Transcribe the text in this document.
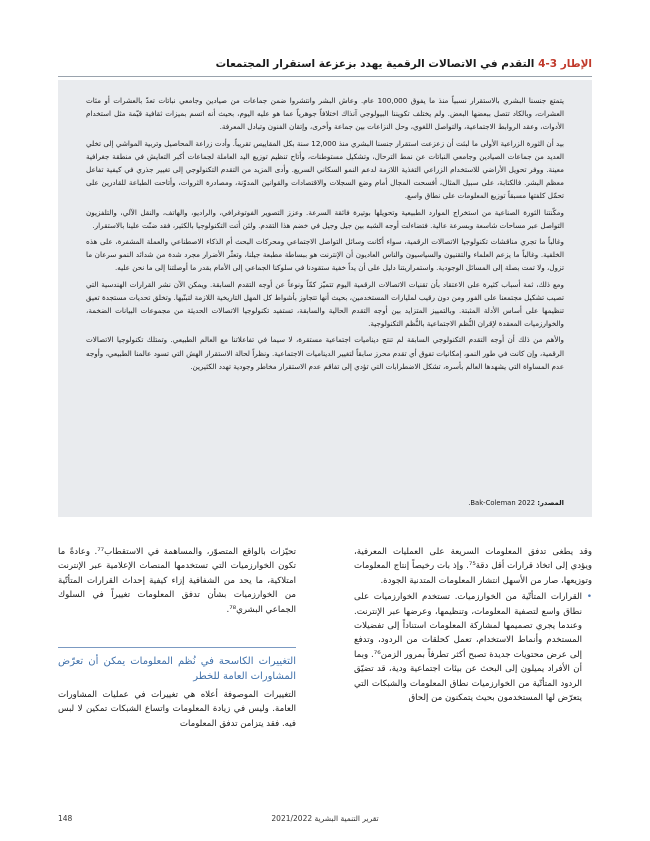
الإطار 3-4 التقدم في الاتصالات الرقمية يهدد بزعزعة استقرار المجتمعات

يتمتع جنسنا البشري بالاستقرار نسبياً منذ ما يفوق 100,000 عام. وعاش البشر وانتشروا ضمن جماعات من صيادين وجامعي نباتات تعدّ بالعشرات أو مئات العشرات، وبالكاد تتصل ببعضها البعض. ولم يختلف تكويننا البيولوجي آنذاك اختلافاً جوهرياً عما هو عليه اليوم، بحيث أنه اتسم بميزات ثقافية قيّمة مثل استخدام الأدوات، وعقد الروابط الاجتماعية، والتواصل اللغوي، وحل النزاعات بين جماعة وأخرى، وإتقان الفنون وتبادل المعرفة.

بيد أن الثورة الزراعية الأولى ما لبثت أن زعزعت استقرار جنسنا البشري منذ 12,000 سنة بكل المقاييس تقريباً. وأدت زراعة المحاصيل وتربية المواشي إلى تخلي العديد من جماعات الصيادين وجامعي النباتات عن نمط الترحال، وتشكيل مستوطنات، وأتاح تنظيم توزيع اليد العاملة لجماعات أكبر التعايش في منطقة جغرافية معينة. ووفر تحويل الأراضي للاستخدام الزراعي التغذية اللازمة لدعم النمو السكاني السريع. وأدى المزيد من التقدم التكنولوجي إلى تغيير جذري في كيفية تفاعل معظم البشر. فالكتابة، على سبيل المثال، أفسحت المجال أمام وضع السجلات والاقتصادات والقوانين المدوّنة، ومصادرة الثروات، وأتاحت الطباعة للقادرين على تحمّل كلفتها مسبقاً توزيع المعلومات على نطاق واسع.

ومكّنتنا الثورة الصناعية من استخراج الموارد الطبيعية وتحويلها بوتيرة فائقة السرعة. وعزز التصوير الفوتوغرافي، والراديو، والهاتف، والنقل الآلي، والتلفزيون التواصل عبر مساحات شاسعة وبسرعة عالية. فتضاءلت أوجه الشبه بين جيل وجيل في خضم هذا التقدم. ولئن أتت التكنولوجيا بالكثير، فقد ضنّت علينا بالاستقرار.

وغالباً ما تجري مناقشات تكنولوجيا الاتصالات الرقمية، سواء أكانت وسائل التواصل الاجتماعي ومحركات البحث أم الذكاء الاصطناعي والعملة المشفرة، على هذه الخلفية. وغالباً ما يزعم العلماء والتقنيون والسياسيون والناس العاديون أن الإنترنت هو ببساطة مطبعة جيلنا، وتعثّر الأضرار مجرد شدة من شدائد النمو سرعان ما تزول، ولا تمت بصلة إلى المسائل الوجودية. واستمراريتنا دليل على أن يداً خفية ستقودنا في سلوكنا الجماعي إلى الأمام بقدر ما أوصلتنا إلى ما نحن عليه.

ومع ذلك، ثمة أسباب كثيرة على الاعتقاد بأن تقنيات الاتصالات الرقمية اليوم تتميّز كمّاً ونوعاً عن أوجه التقدم السابقة. ويمكن الآن نشر القرارات الهندسية التي تصيب تشكيل مجتمعنا على الفور ومن دون رقيب لمليارات المستخدمين، بحيث أنها تتجاوز بأشواط كل المهل التاريخية اللازمة لتبنّيها. وتخلق تحديات مستجدة تعيق تنظيمها على أساس الأدلة المثبتة. وبالتمييز المتزايد بين أوجه التقدم الحالية والسابقة، تستفيد تكنولوجيا الاتصالات الحديثة من مجموعات البيانات الضخمة، والخوارزميات المعقدة لإقران النُّظم الاجتماعية بالنُّظم التكنولوجية.

والأهم من ذلك أن أوجه التقدم التكنولوجي السابقة لم تنتج ديناميات اجتماعية مستقرة، لا سيما في تفاعلاتنا مع العالم الطبيعي. وتمتلك تكنولوجيا الاتصالات الرقمية، وإن كانت في طور النمو، إمكانيات تفوق أي تقدم محرز سابقاً لتغيير الديناميات الاجتماعية. ونظراً لحالة الاستقرار الهش التي تسود عالمنا الطبيعي، وأوجه عدم المساواة التي يشهدها العالم بأسره، تشكل الاضطرابات التي تؤدي إلى تفاقم عدم الاستقرار مخاطر وجودية تهدد الكثيرين.

المصدر: Bak-Coleman 2022.

وقد يطغى تدفق المعلومات السريعة على العمليات المعرفية، ويؤدي إلى اتخاذ قرارات أقل دقة⁷⁵. وإذ بات رخيصاً إنتاج المعلومات وتوزيعها، صار من الأسهل انتشار المعلومات المتدنية الجودة.

•

القرارات المتأتّية من الخوارزميات. تستخدم الخوارزميات على نطاق واسع لتصفية المعلومات، وتنظيمها، وعرضها عبر الإنترنت. وعندما يجري تصميمها لمشاركة المعلومات استناداً إلى تفضيلات المستخدم وأنماط الاستخدام، تعمل كحلقات من الردود، وتدفع إلى عرض محتويات جديدة تصبح أكثر تطرفاً بمرور الزمن⁷⁶. وبما أن الأفراد يميلون إلى البحث عن بيئات اجتماعية ودية، قد تضيّق الردود المتأتّية من الخوارزميات نطاق المعلومات والشبكات التي يتعرّض لها المستخدمون بحيث يتمكنون من إلحاق

تحيّزات بالواقع المتصوّر، والمساهمة في الاستقطاب⁷⁷. وعادةً ما تكون الخوارزميات التي تستخدمها المنصات الإعلامية عبر الإنترنت امتلاكية، ما يحد من الشفافية إزاء كيفية إحداث القرارات المتأتّية من الخوارزميات بشأن تدفق المعلومات تغييراً في السلوك الجماعي البشري⁷⁸.

التغييرات الكاسحة في نُظم المعلومات يمكن أن تعرّض المشاورات العامة للخطر

التغييرات الموصوفة أعلاه هي تغييرات في عمليات المشاورات العامة. وليس في زيادة المعلومات واتساع الشبكات تمكين لا لبس فيه. فقد يتزامن تدفق المعلومات

تقرير التنمية البشرية 2021/2022
148
